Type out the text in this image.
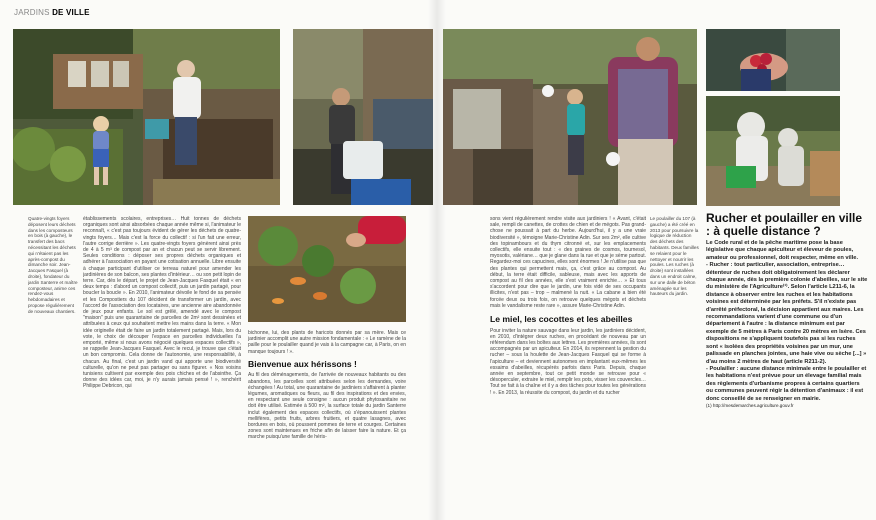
JARDINS DE VILLE
Quatre-vingts foyers déposent leurs déchets dans les composteurs en bois (à gauche), le transfert des bacs nécessitant les déchets qui n'étaient pas les après-compost du dimanche soir. Jean-Jacques Fasquel (à droite), fondateur du jardin Santerre et maître composteur, anime ces rendez-vous hebdomadaires et propose régulièrement de nouveaux chantiers.
établissements scolaires, entreprises… Huit tonnes de déchets organiques sont ainsi absorbées chaque année même si, l'animateur le reconnaît, « c'est pas toujours évident de gérer les déchets de quatre-vingts foyers… Mais c'est la force du collectif : si l'un fait une erreur, l'autre corrige derrière ». Les quatre-vingts foyers génèrent ainsi près de 4 à 5 m³ de compost par an et chacun peut se servir librement. Seules conditions : déposer ses propres déchets organiques et adhérer à l'association en payant une cotisation annuelle. Libre ensuite à chaque participant d'utiliser ce terreau naturel pour amender les jardinières de son balcon, ses plantes d'intérieur… ou son petit lopin de terre. Car, dès le départ, le projet de Jean-Jacques Fasquel était « en deux temps : d'abord un compost collectif, puis un jardin partagé, pour boucler la boucle ». En 2010, l'animateur dévoile le fond de sa pensée et les Compostiers du 107 décident de transformer un jardin, avec l'accord de l'association des locataires, une ancienne aire abandonnée de jeux pour enfants. Le sol est grêlé, amendé avec le compost "maison" puis une quarantaine de parcelles de 2m² sont dessinées et attribuées à ceux qui souhaitent mettre les mains dans la terre. « Mon idée originelle était de faire un jardin totalement partagé. Mais, lors du vote, le choix de découper l'espace en parcelles individuelles l'a emporté, même si nous avons négocié quelques espaces collectifs », se rappelle Jean-Jacques Fasquel. Avec le recul, je trouve que c'était un bon compromis. Cela donne de l'autonomie, une responsabilité, à chacun. Au final, c'est un jardin vand qui apporte une biodiversité culturelle, qu'on ne peut pas partager ou sans figurer. « Nos voisins tunisiens cultivent par exemple des pois chiches et de l'absinthe. Ça donne des idées car, moi, je n'y aurais jamais pensé ! », renchérit Philippe Debricon, qui
bichonne, lui, des plants de haricots donnés par sa mère. Mais ce jardinier accomplit une autre mission fondamentale : « Le ramène de la paille pour le poulailler quand je vais à la campagne car, à Paris, on en manque toujours ! ».
Bienvenue aux hérissons !
Au fil des déménagements, de l'arrivée de nouveaux habitants ou des abandons, les parcelles sont attribuées selon les demandes, voire échangées ! Au total, une quarantaine de jardiniers s'affairent à planter légumes, aromatiques ou fleurs, au fil des inspirations et des envies, en respectant une seule consigne : aucun produit phytosanitaire ne doit être utilisé. Estimée à 500 m², la surface totale du jardin Santerre inclut également des espaces collectifs, où s'épanouissent plantes mellifères, petits fruits, arbres fruitiers, et quatre lasagnes, avec bordures en bois, où poussent pommes de terre et courges. Certaines zones sont maintenues en friche afin de laisser faire la nature. Et ça marche puisqu'une famille de héris-
sons vient régulièrement rendre visite aux jardiniers ! « Avant, c'était sale, rempli de canettes, de crottes de chien et de mégots. Pas grand-chose ne poussait à part du herbe. Aujourd'hui, il y a une vraie biodiversité », témoigne Marie-Christine Adin. Sur ses 2m², elle cultive des topinambours et du thym citronné et, sur les emplacements collectifs, elle ensuite tout : « des graines de cosmos, tournesol, myosotis, valériane… que je glane dans la rue et que je sème partout. Regardez-moi ces capucines, elles sont énormes ! Je n'utilise pas que des plantes qui permettent mais, ça, c'est grâce au compost. Au début, la terre était difficile, sableuse, mais avec les apports de compost au fil des années, elle s'est vraiment enrichie… » Et tous s'accordent pour dire que le jardin, une fois vidé de ses occupants illicites, n'est pas – trop – malmené la nuit. « La cabane a bien été forcée deux ou trois fois, on retrouve quelques mégots et déchets mais le vandalisme reste rare », assure Marie-Christine Adin.
Le miel, les cocottes et les abeilles
Pour inviter la nature sauvage dans leur jardin, les jardiniers décident, en 2010, d'intégrer deux ruches, en procédant de nouveau par un référendum dans les boîtes aux lettres. Les premières années, ils sont accompagnés par un apiculteur. En 2014, ils reprennent la gestion du rucher – sous la houlette de Jean-Jacques Fasquel qui se forme à l'apiculture – et deviennent autonomes en implantant eux-mêmes les essaims d'abeilles, récupérés parfois dans Paris. Depuis, chaque année en septembre, tout ce petit monde se retrouve pour « désoperculer, extraire le miel, remplir les pots, visser les couvercles… Tout se fait à la chaîne et il y a des tâches pour toutes les générations ! ». En 2013, la réussite du compost, du jardin et du rucher
Le poulailler du 107 (à gauche) a été créé en 2013 pour poursuivre la logique de réduction des déchets des habitants. Deux familles se relaient pour le nettoyer et nourrir les poules. Les ruches (à droite) sont installées dans un endroit calme, sur une dalle de béton aménagée sur les hauteurs du jardin.
Rucher et poulailler en ville : à quelle distance ?
Le Code rural et de la pêche maritime pose la base législative que chaque apiculteur et éleveur de poules, amateur ou professionnel, doit respecter, même en ville.
- Rucher : tout particulier, association, entreprise… détenteur de ruches doit obligatoirement les déclarer chaque année, dès la première colonie d'abeilles, sur le site du ministère de l'Agriculture⁽¹⁾. Selon l'article L211-6, la distance à observer entre les ruches et les habitations voisines est déterminée par les préfets. S'il n'existe pas d'arrêté préfectoral, la décision appartient aux maires. Les recommandations varient d'une commune ou d'un département à l'autre : la distance minimum est par exemple de 5 mètres à Paris contre 20 mètres en Isère. Ces dispositions ne s'appliquent toutefois pas si les ruches sont « isolées des propriétés voisines par un mur, une palissade en planches jointes, une haie vive ou sèche [...] » d'au moins 2 mètres de haut (article R211-2).
- Poulailler : aucune distance minimale entre le poulailler et les habitations n'est prévue pour un élevage familial mais des règlements d'urbanisme propres à certains quartiers ou communes peuvent régir la détention d'animaux : il est donc conseillé de se renseigner en mairie.
(1) http://mesdemarches.agriculture.gouv.fr
